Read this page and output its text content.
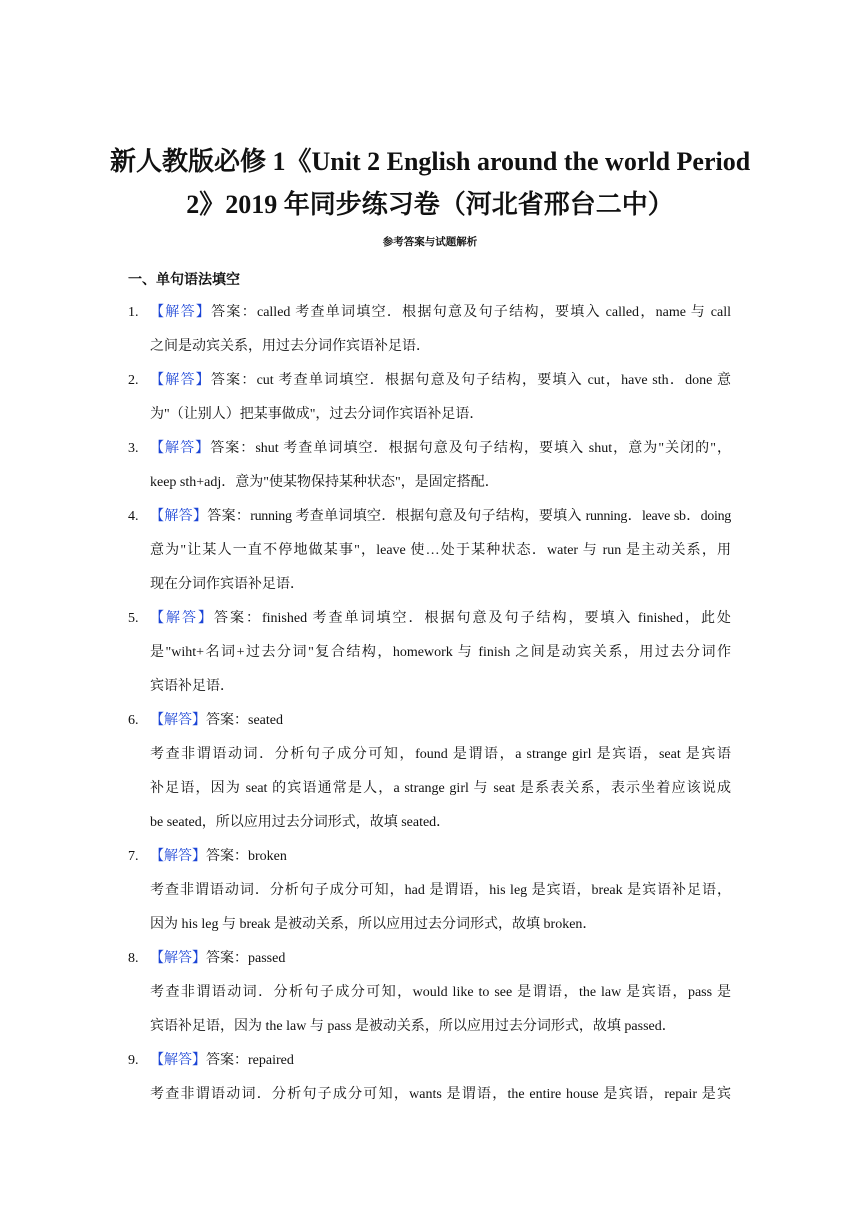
新人教版必修 1《Unit 2 English around the world Period
2》2019 年同步练习卷（河北省邢台二中）
参考答案与试题解析
一、单句语法填空
1. 【解答】答案：called 考查单词填空．根据句意及句子结构，要填入 called，name 与 call
之间是动宾关系，用过去分词作宾语补足语．
2. 【解答】答案：cut 考查单词填空．根据句意及句子结构，要填入 cut，have sth．done 意
为"（让别人）把某事做成"，过去分词作宾语补足语．
3. 【解答】答案：shut 考查单词填空．根据句意及句子结构，要填入 shut，意为"关闭的"，
keep sth+adj．意为"使某物保持某种状态"，是固定搭配．
4. 【解答】答案：running 考查单词填空．根据句意及句子结构，要填入 running．leave sb．doing
意为"让某人一直不停地做某事"，leave 使…处于某种状态．water 与 run 是主动关系，用
现在分词作宾语补足语．
5. 【解答】答案：finished 考查单词填空．根据句意及句子结构，要填入 finished，此处
是"wiht+名词+过去分词"复合结构，homework 与 finish 之间是动宾关系，用过去分词作
宾语补足语．
6. 【解答】答案：seated
考查非谓语动词．分析句子成分可知，found 是谓语，a strange girl 是宾语，seat 是宾语
补足语，因为 seat 的宾语通常是人，a strange girl 与 seat 是系表关系，表示坐着应该说成
be seated，所以应用过去分词形式，故填 seated．
7. 【解答】答案：broken
考查非谓语动词．分析句子成分可知，had 是谓语，his leg 是宾语，break 是宾语补足语，
因为 his leg 与 break 是被动关系，所以应用过去分词形式，故填 broken．
8. 【解答】答案：passed
考查非谓语动词．分析句子成分可知，would like to see 是谓语，the law 是宾语，pass 是
宾语补足语，因为 the law 与 pass 是被动关系，所以应用过去分词形式，故填 passed．
9. 【解答】答案：repaired
考查非谓语动词．分析句子成分可知，wants 是谓语，the entire house 是宾语，repair 是宾
